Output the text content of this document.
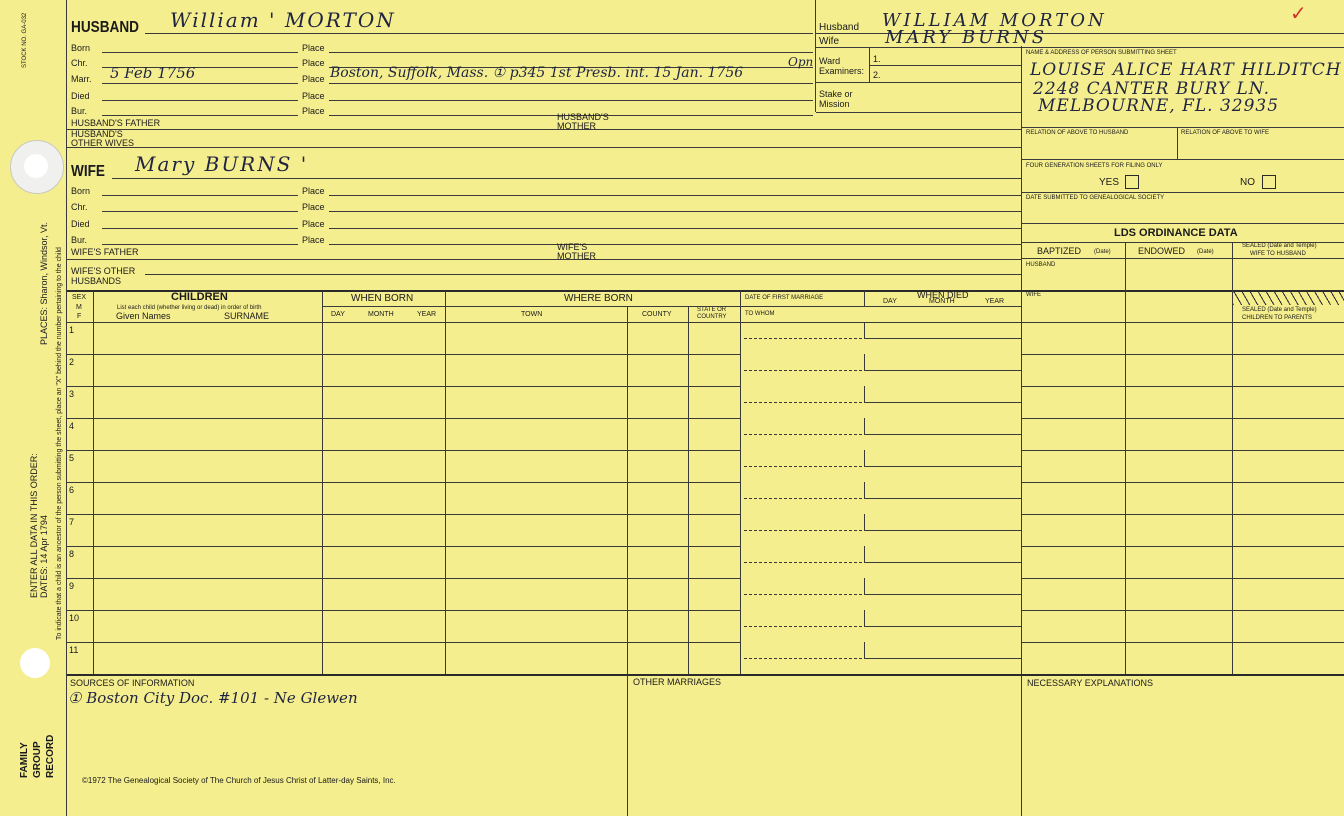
STOCK NO. GA-032
PLACES: Sharon, Windsor, Vt.
ENTER ALL DATA IN THIS ORDER: DATES: 14 Apr 1794 To indicate that a child is an ancestor of the person submitting the sheet, place an "X" behind the number pertaining to the child
FAMILY GROUP RECORD
HUSBAND William ' MORTON
Born	Place
Chr.	Place
Marr. 5 Feb 1756	Place Boston, Suffolk, Mass. ① p345 1st Presb. int. 15 Jan. 1756
Opn
Died	Place
Bur.	Place
HUSBAND'S FATHER
HUSBAND'S
MOTHER
HUSBAND'S
OTHER WIVES
WIFE Mary BURNS '
Born	Place
Chr.	Place
Died	Place
Bur.	Place
WIFE'S FATHER	WIFE'S
MOTHER
WIFE'S OTHER
HUSBANDS
Husband WILLIAM MORTON
Wife	MARY BURNS
✓
Ward
Examiners:
1.
2.
Stake or
Mission
NAME & ADDRESS OF PERSON SUBMITTING SHEET
LOUISE ALICE HART HILDITCH
2248 CANTER BURY LN.
MELBOURNE, FL. 32935
RELATION OF ABOVE TO HUSBAND	RELATION OF ABOVE TO WIFE
FOUR GENERATION SHEETS FOR FILING ONLY
YES	NO
DATE SUBMITTED TO GENEALOGICAL SOCIETY
LDS ORDINANCE DATA
BAPTIZED (Date)	ENDOWED (Date)
SEALED (Date and Temple)
WIFE TO HUSBAND
HUSBAND
WIFE
SEALED (Date and Temple)
CHILDREN TO PARENTS
SEX
M
F
CHILDREN
List each child (whether living or dead) in order of birth
Given Names	SURNAME
WHEN BORN
DAY	MONTH	YEAR
WHERE BORN
TOWN	COUNTY
STATE OR
COUNTRY
DATE OF FIRST MARRIAGE
TO WHOM
WHEN DIED
DAY	MONTH	YEAR
1
2
3
4
5
6
7
8
9
10
11
SOURCES OF INFORMATION
① Boston City Doc. #101 - Ne Glewen
OTHER MARRIAGES	NECESSARY EXPLANATIONS
©1972 The Genealogical Society of The Church of Jesus Christ of Latter-day Saints, Inc.
